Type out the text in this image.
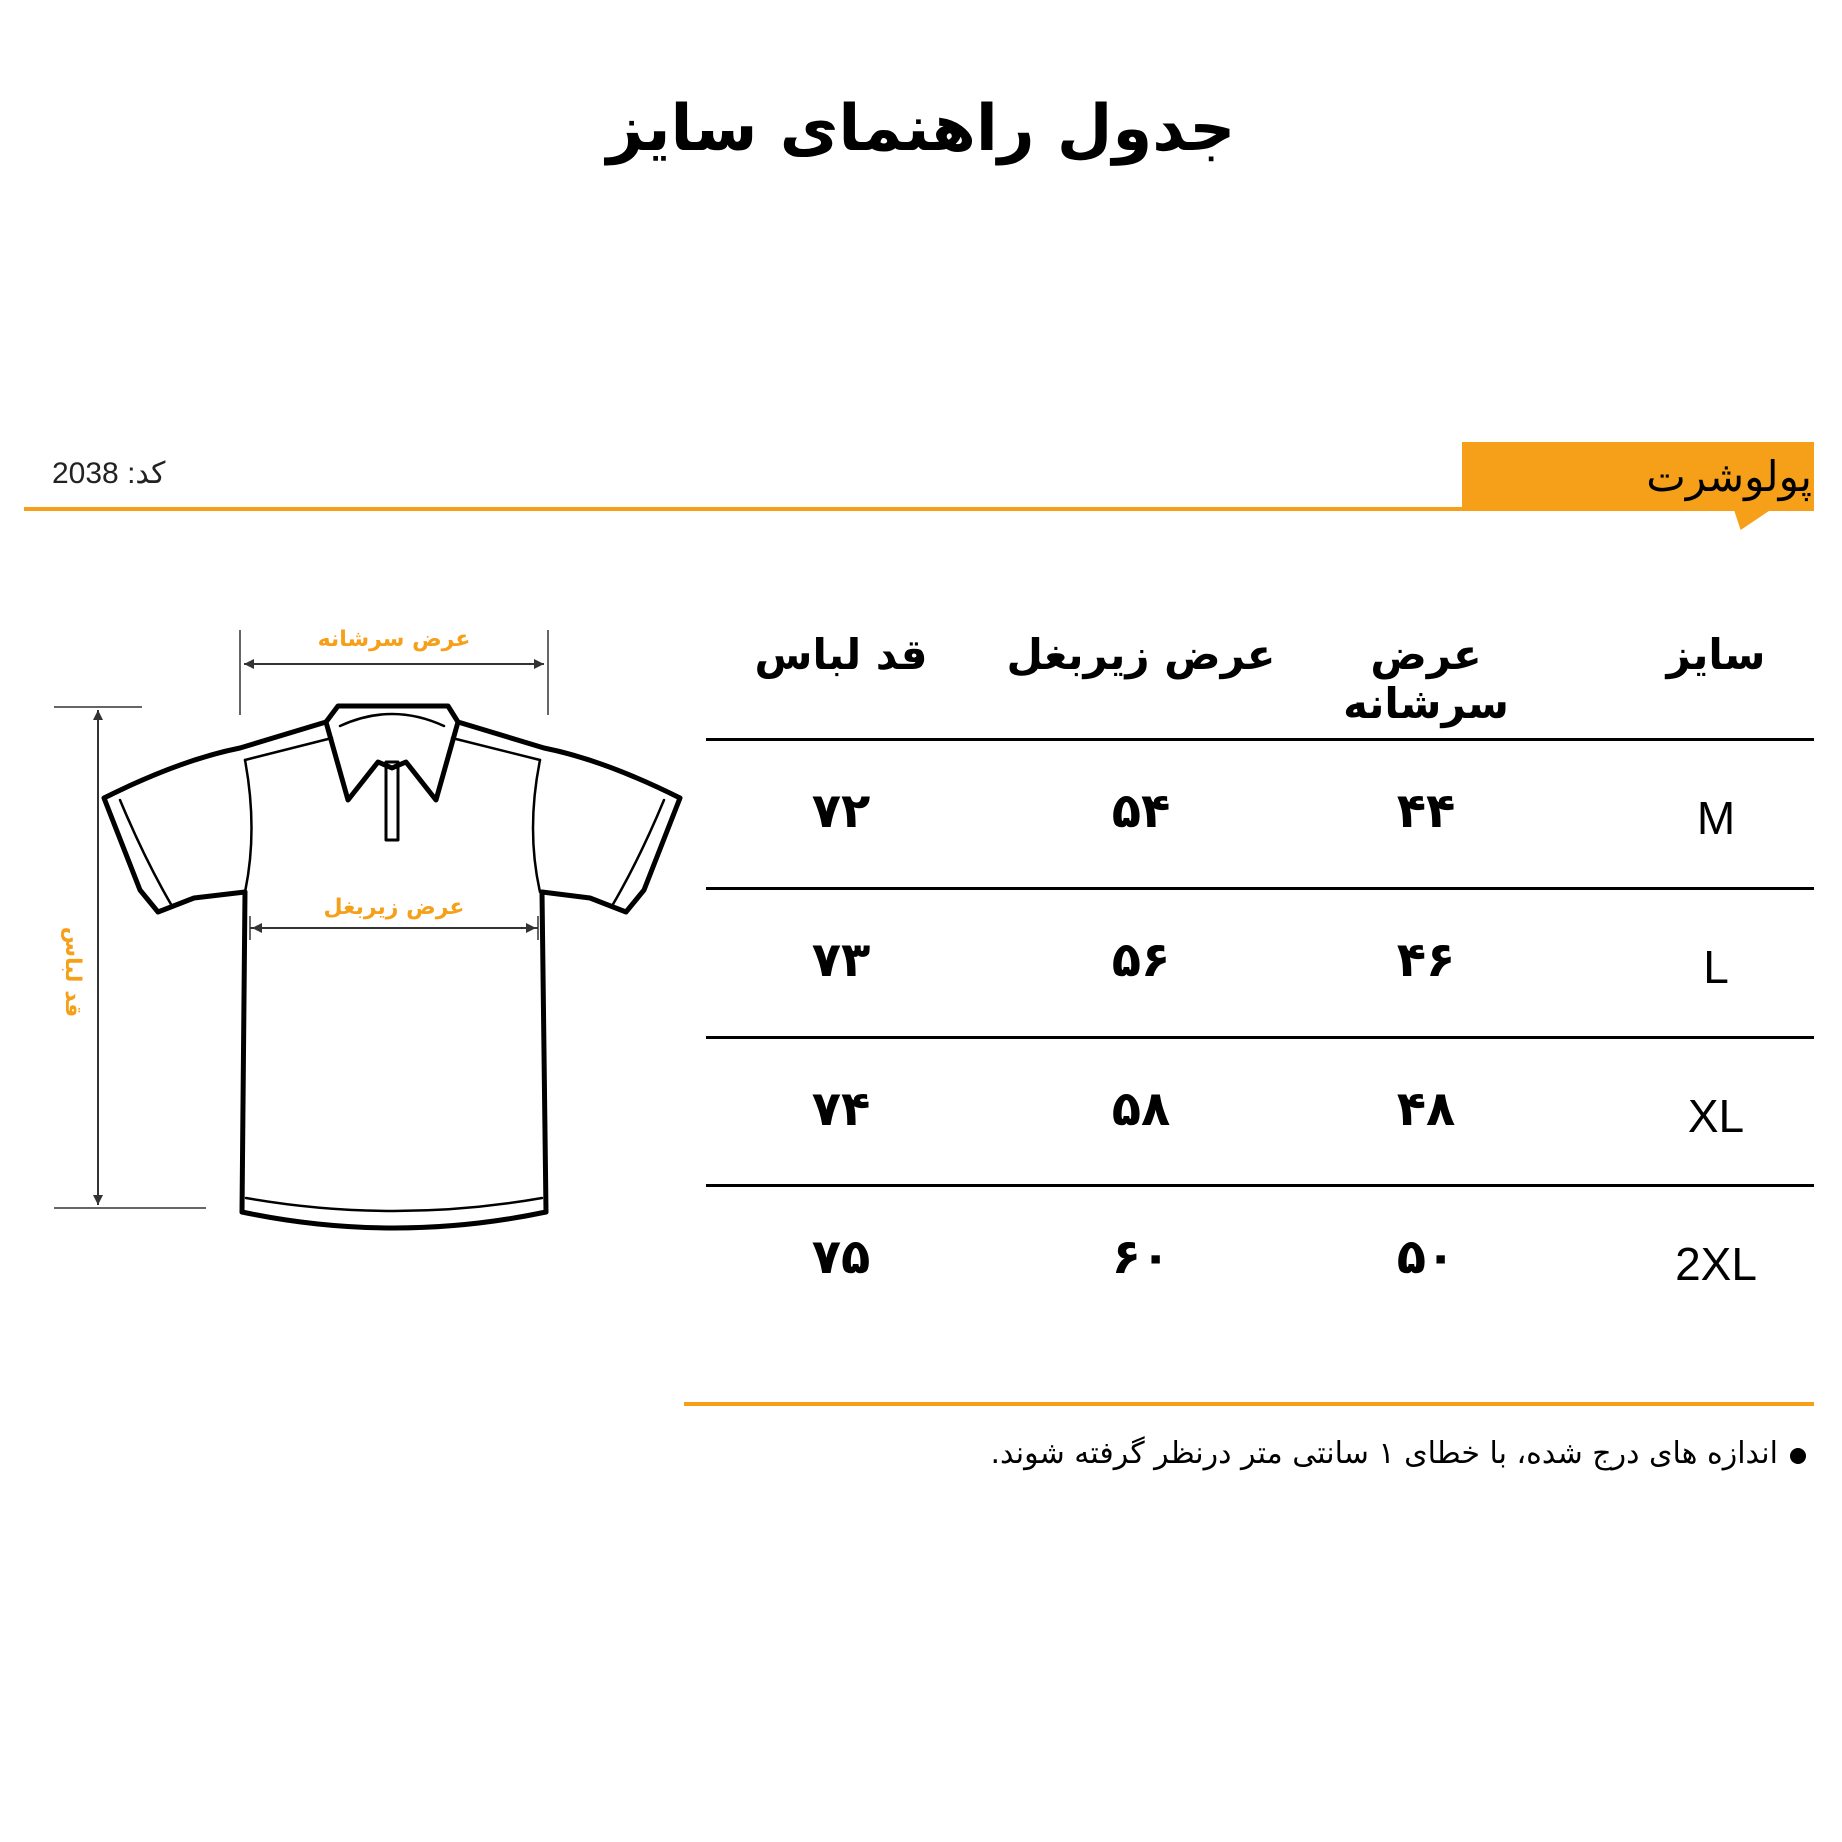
جدول راهنمای سایز
کد: 2038	پولوشرت
عرض سرشانه
قد لباس
عرض زیربغل
سایز
عرض سرشانه
عرض زیربغل
قد لباس
M
۴۴
۵۴
۷۲
L
۴۶
۵۶
۷۳
XL
۴۸
۵۸
۷۴
2XL
۵۰
۶۰
۷۵
اندازه های درج شده، با خطای ۱ سانتی متر درنظر گرفته شوند.
